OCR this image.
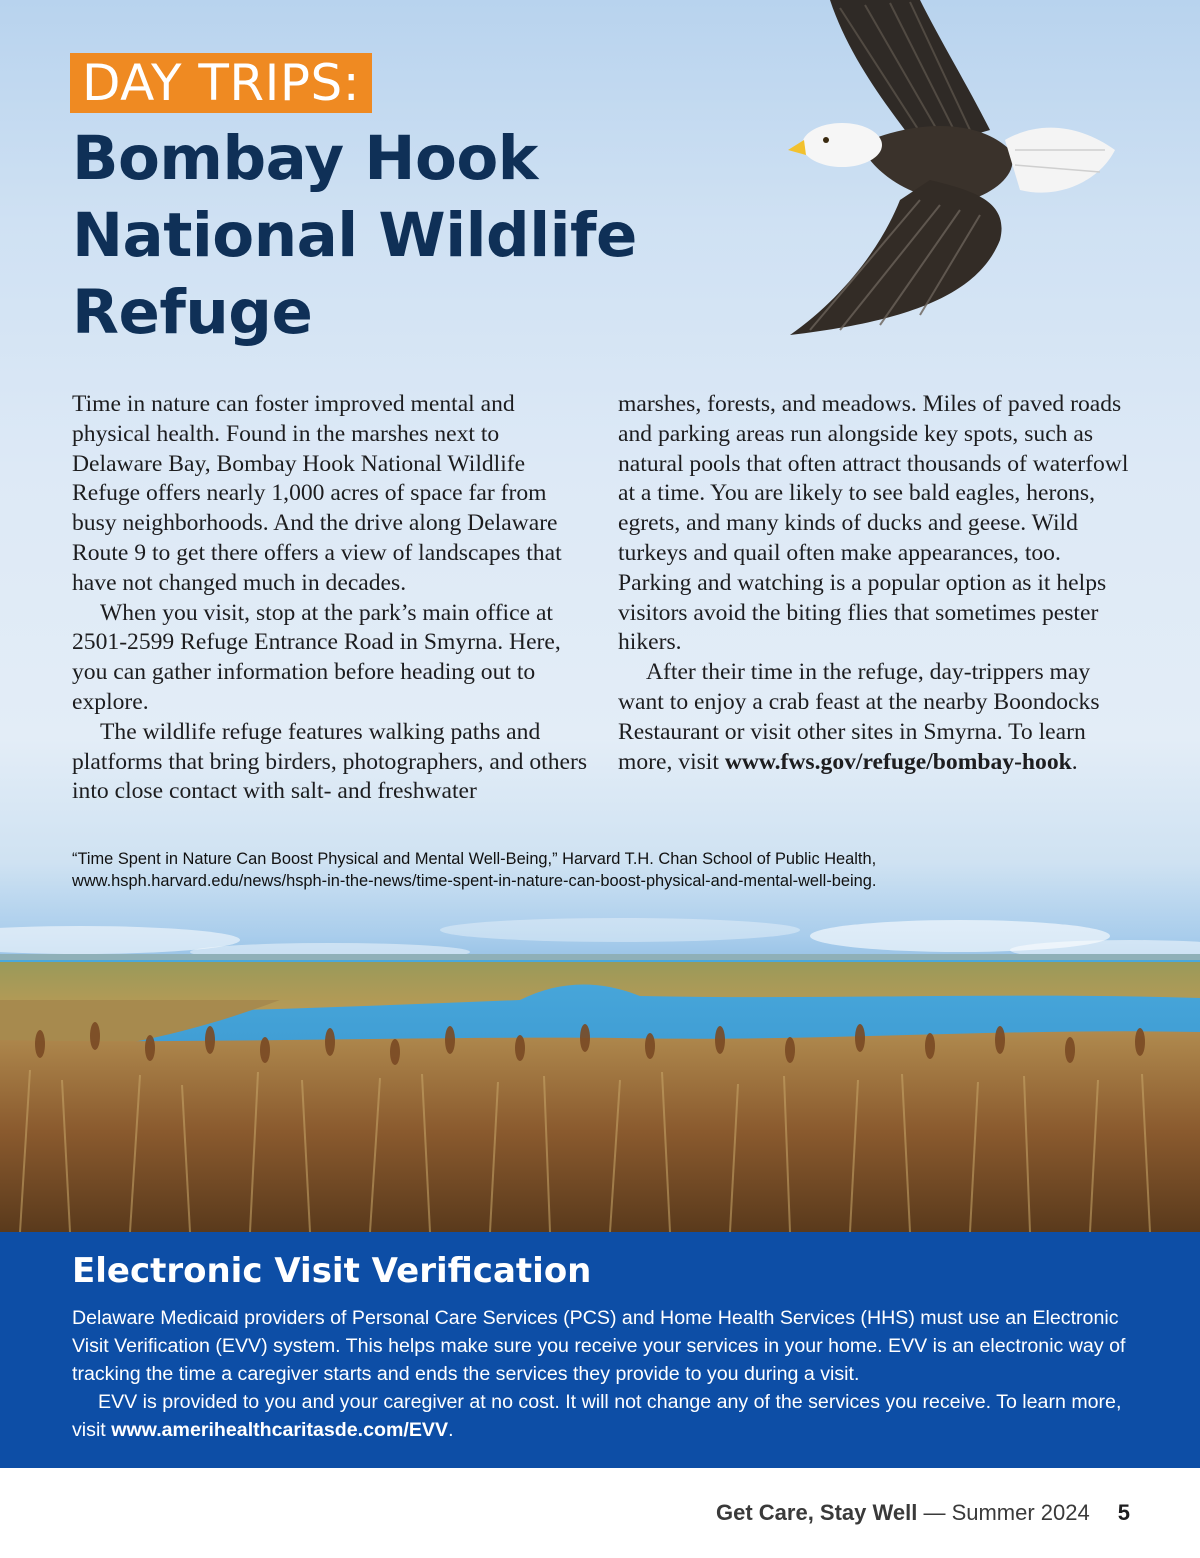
DAY TRIPS:
Bombay Hook National Wildlife Refuge

Time in nature can foster improved mental and physical health. Found in the marshes next to Delaware Bay, Bombay Hook National Wildlife Refuge offers nearly 1,000 acres of space far from busy neighborhoods. And the drive along Delaware Route 9 to get there offers a view of landscapes that have not changed much in decades.

When you visit, stop at the park’s main office at 2501-2599 Refuge Entrance Road in Smyrna. Here, you can gather information before heading out to explore.

The wildlife refuge features walking paths and platforms that bring birders, photographers, and others into close contact with salt- and freshwater

marshes, forests, and meadows. Miles of paved roads and parking areas run alongside key spots, such as natural pools that often attract thousands of waterfowl at a time. You are likely to see bald eagles, herons, egrets, and many kinds of ducks and geese. Wild turkeys and quail often make appearances, too. Parking and watching is a popular option as it helps visitors avoid the biting flies that sometimes pester hikers.

After their time in the refuge, day-trippers may want to enjoy a crab feast at the nearby Boondocks Restaurant or visit other sites in Smyrna. To learn more, visit www.fws.gov/refuge/bombay-hook.

“Time Spent in Nature Can Boost Physical and Mental Well-Being,” Harvard T.H. Chan School of Public Health,
www.hsph.harvard.edu/news/hsph-in-the-news/time-spent-in-nature-can-boost-physical-and-mental-well-being.
Electronic Visit Verification

Delaware Medicaid providers of Personal Care Services (PCS) and Home Health Services (HHS) must use an Electronic Visit Verification (EVV) system. This helps make sure you receive your services in your home. EVV is an electronic way of tracking the time a caregiver starts and ends the services they provide to you during a visit.

EVV is provided to you and your caregiver at no cost. It will not change any of the services you receive. To learn more, visit www.amerihealthcaritasde.com/EVV.

Get Care, Stay Well — Summer 2024 5
